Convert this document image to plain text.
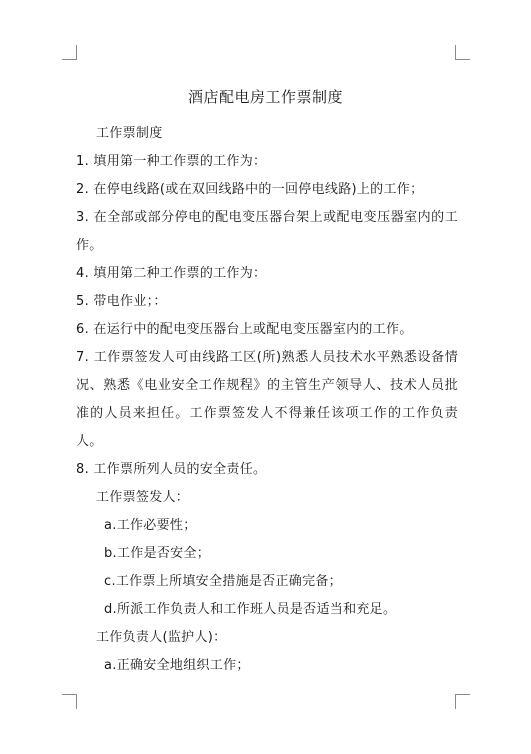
酒店配电房工作票制度

工作票制度

1. 填用第一种工作票的工作为：

2. 在停电线路(或在双回线路中的一回停电线路)上的工作；

3. 在全部或部分停电的配电变压器台架上或配电变压器室内的工作。

4. 填用第二种工作票的工作为：

5. 带电作业；：

6. 在运行中的配电变压器台上或配电变压器室内的工作。

7. 工作票签发人可由线路工区(所)熟悉人员技术水平熟悉设备情况、熟悉《电业安全工作规程》的主管生产领导人、技术人员批准的人员来担任。工作票签发人不得兼任该项工作的工作负责人。

8. 工作票所列人员的安全责任。

工作票签发人：

a.工作必要性；

b.工作是否安全；

c.工作票上所填安全措施是否正确完备；

d.所派工作负责人和工作班人员是否适当和充足。

工作负责人(监护人)：

a.正确安全地组织工作；
